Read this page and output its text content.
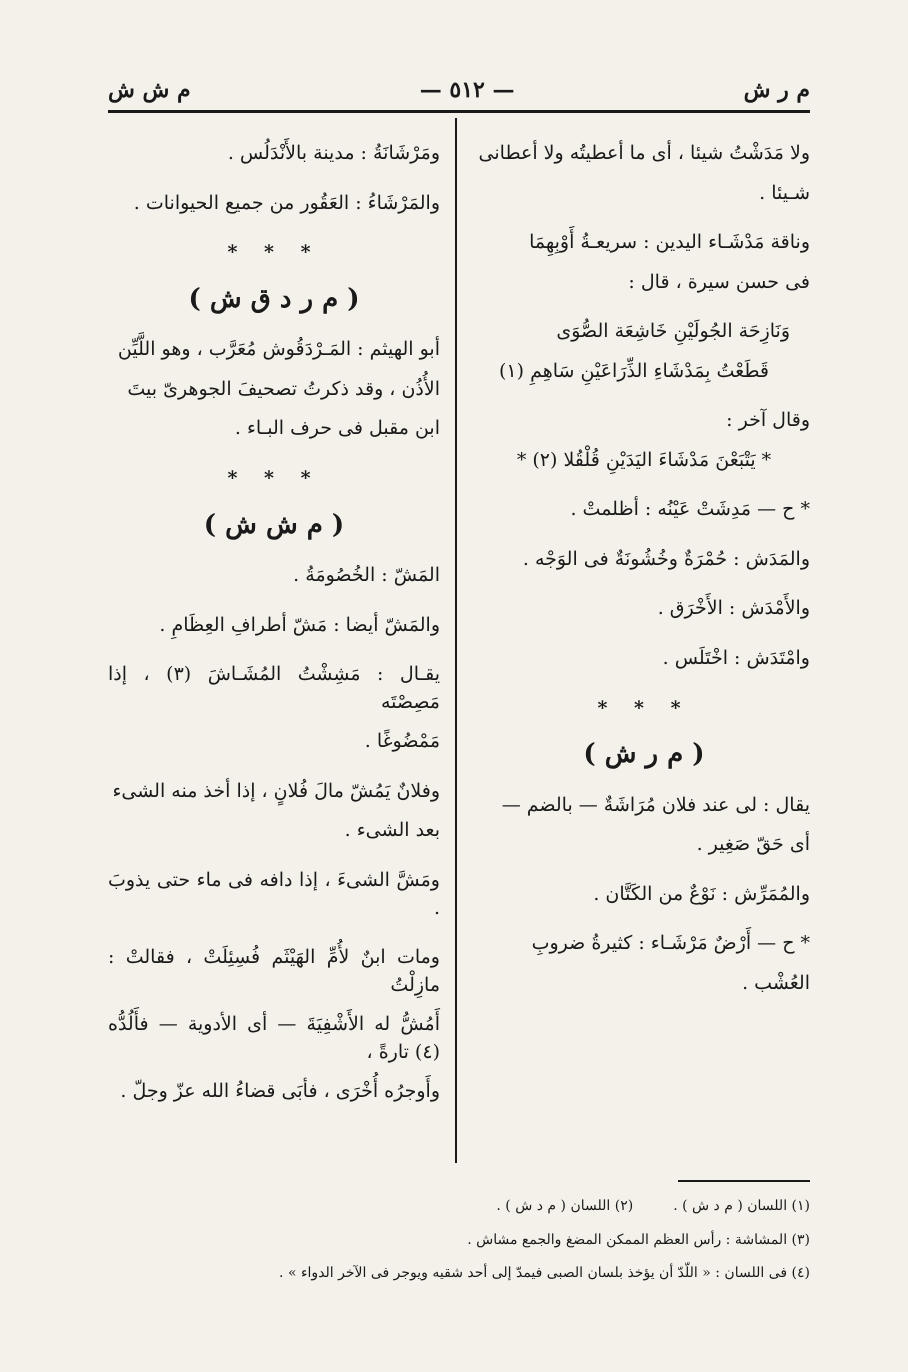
م ر ش
— ٥١٢ —
م ش ش
ولا مَدَشْتُ شيئا ، أى ما أعطيتُه ولا أعطانى
شـيئا .
وناقة مَدْشَـاء اليدين : سريعـةُ أَوْبِهِمَا
فى حسن سيرة ، قال :
وَنَازِحَة الجُولَيْنِ خَاشِعَة الصُّوَى
قَطَعْتُ بِمَدْشَاءِ الذِّرَاعَيْنِ سَاهِمِ (١)
وقال آخر :
* يَتْبَعْنَ مَدْشَاءَ اليَدَيْنِ قُلْقُلا (٢) *
* ح — مَدِشَتْ عَيْنُه : أظلمتْ .
والمَدَش : حُمْرَةٌ وخُشُونَةٌ فى الوَجْه .
والأَمْدَش : الأَخْرَق .
وامْتَدَش : اخْتَلَس .
* * *
( م ر ش )
يقال : لى عند فلان مُرَاشَةٌ — بالضم —
أى حَقّ صَغِير .
والمُمَرِّش : نَوْعٌ من الكَتَّان .
* ح — أَرْضٌ مَرْشَـاء : كثيرةُ ضروبِ
العُشْب .
ومَرْشَانَةُ : مدينة بالأَنْدَلُس .
والمَرْشَاءُ : العَقُور من جميع الحيوانات .
* * *
( م ر د ق ش )
أبو الهيثم : المَـرْدَقُوش مُعَرَّب ، وهو اللَّيِّن
الأُذُن ، وقد ذكرتُ تصحيفَ الجوهرىّ بيتَ
ابن مقبل فى حرف البـاء .
* * *
( م ش ش )
المَشّ : الخُصُومَةُ .
والمَشّ أيضا : مَشّ أطرافِ العِظَامِ .
يقـال : مَشِشْتُ المُشَـاشَ (٣) ، إذا مَصِصْتَه
مَمْضُوغًا .
وفلانٌ يَمُشّ مالَ فُلانٍ ، إذا أخذ منه الشىء
بعد الشىء .
ومَشَّ الشىءَ ، إذا دافه فى ماء حتى يذوبَ .
ومات ابنٌ لأُمِّ الهَيْثَم فُسِئِلَتْ ، فقالتْ : مازِلْتُ
أَمُشُّ له الأَشْفِيَةَ — أى الأدوية — فأَلُدُّه (٤) تارةً ،
وأَوجرُه أُخْرَى ، فأبَى قضاءُ الله عزّ وجلّ .
(١) اللسان ( م د ش ) .
(٢) اللسان ( م د ش ) .
(٣) المشاشة : رأس العظم الممكن المضغ والجمع مشاش .
(٤) فى اللسان : « اللّدّ أن يؤخذ بلسان الصبى فيمدّ إلى أحد شقيه ويوجر فى الآخر الدواء » .
